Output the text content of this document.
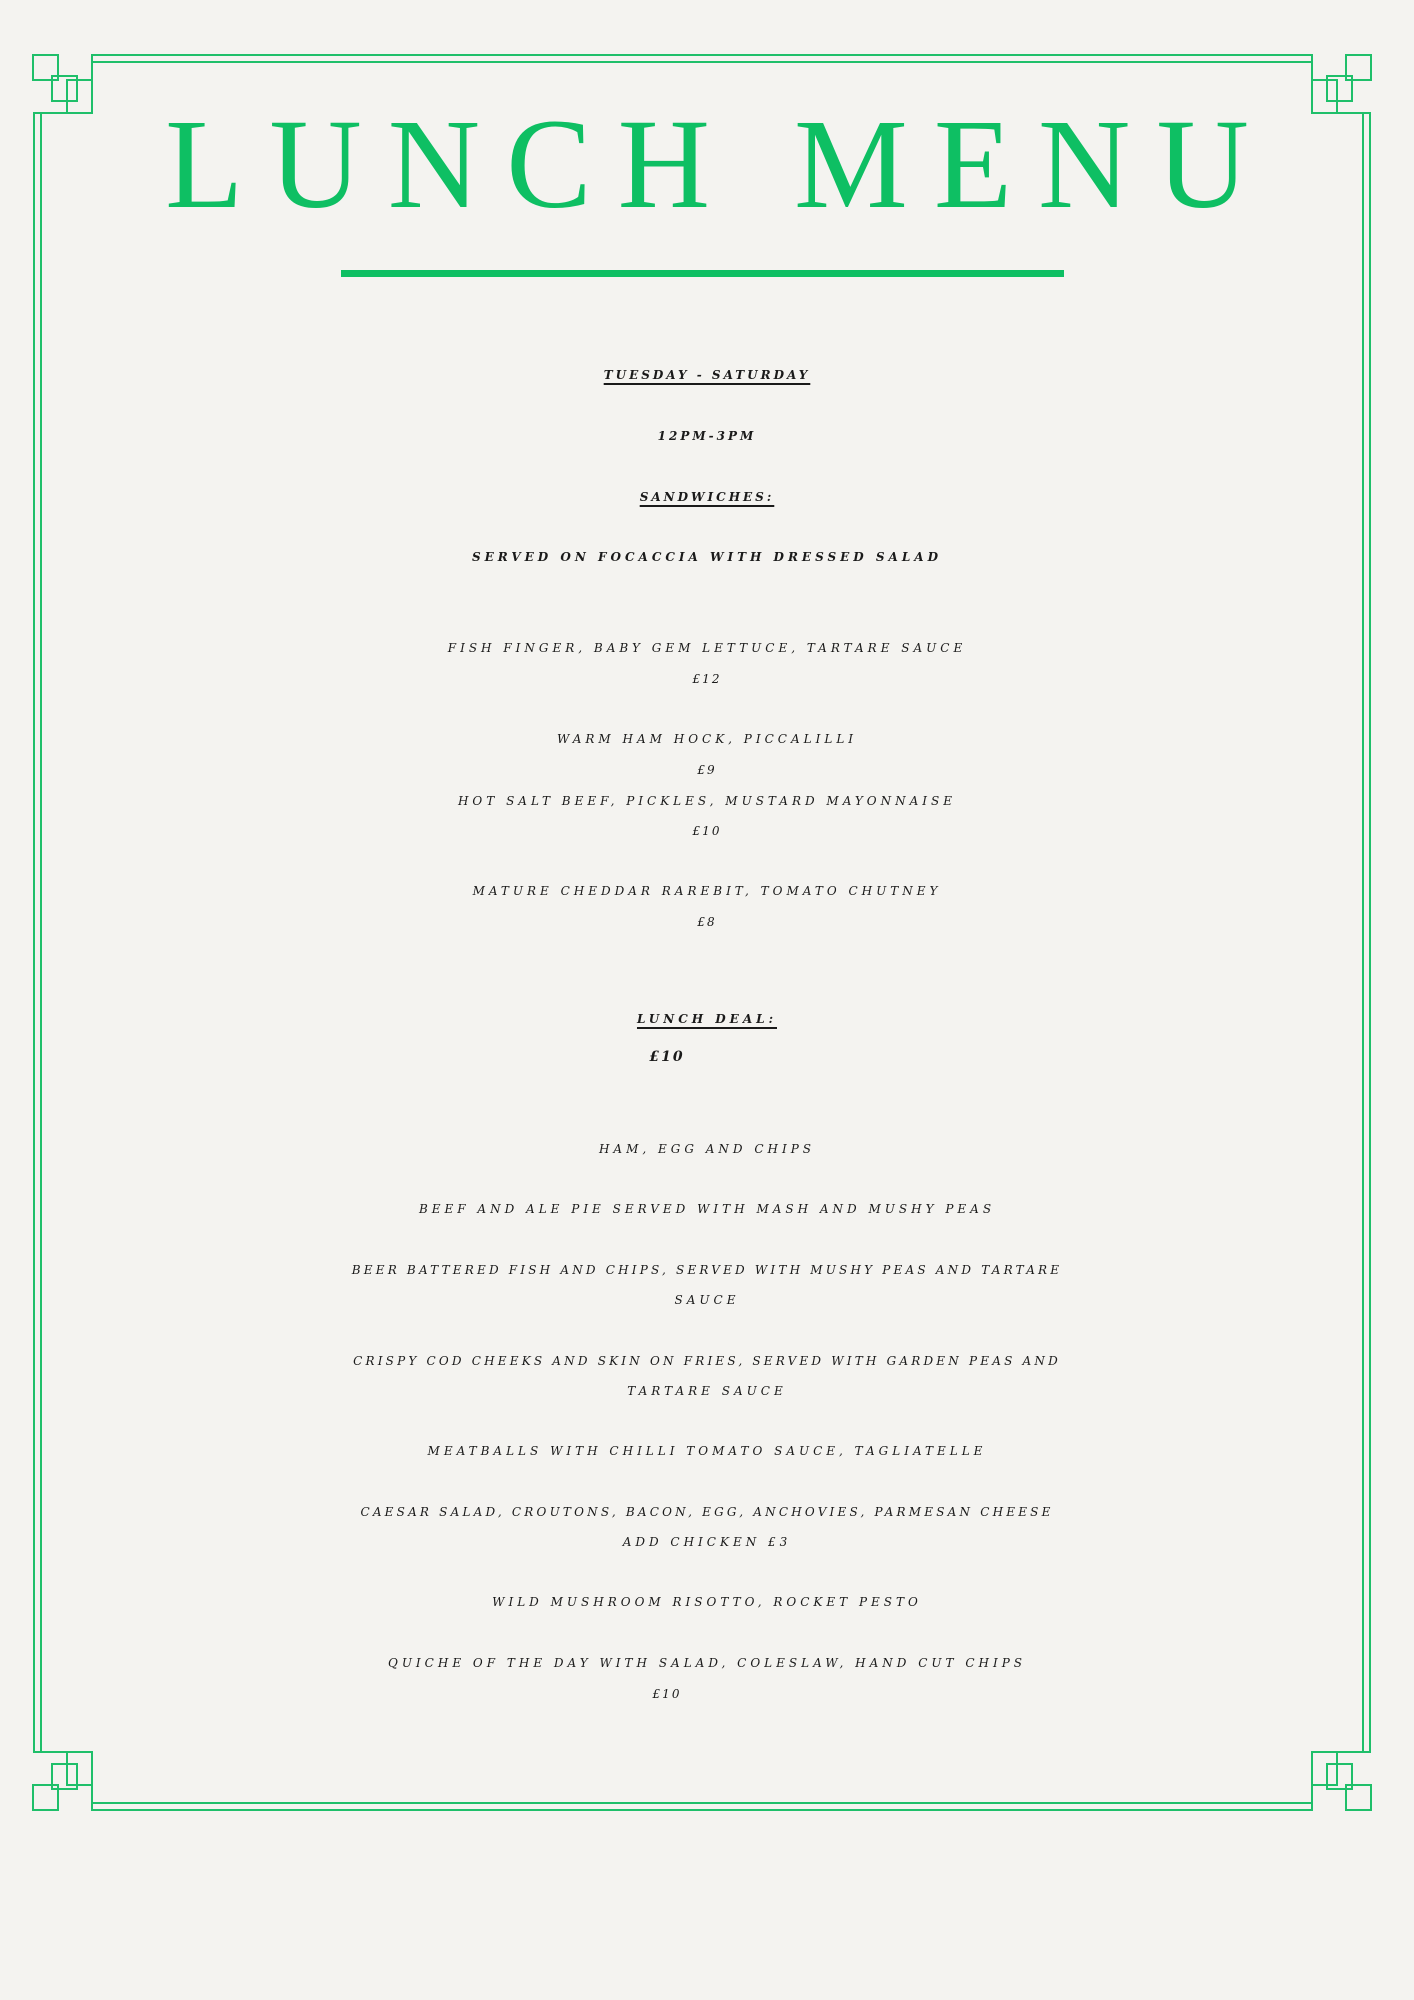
LUNCH MENU
TUESDAY - SATURDAY
12PM-3PM
SANDWICHES:
SERVED ON FOCACCIA WITH DRESSED SALAD
FISH FINGER, BABY GEM LETTUCE, TARTARE SAUCE
£12
WARM HAM HOCK, PICCALILLI
£9
HOT SALT BEEF, PICKLES, MUSTARD MAYONNAISE
£10
MATURE CHEDDAR RAREBIT, TOMATO CHUTNEY
£8
LUNCH DEAL:
£10
HAM, EGG AND CHIPS
BEEF AND ALE PIE SERVED WITH MASH AND MUSHY PEAS
BEER BATTERED FISH AND CHIPS, SERVED WITH MUSHY PEAS AND TARTARE
SAUCE
CRISPY COD CHEEKS AND SKIN ON FRIES, SERVED WITH GARDEN PEAS AND
TARTARE SAUCE
MEATBALLS WITH CHILLI TOMATO SAUCE, TAGLIATELLE
CAESAR SALAD, CROUTONS, BACON, EGG, ANCHOVIES, PARMESAN CHEESE
ADD CHICKEN £3
WILD MUSHROOM RISOTTO, ROCKET PESTO
QUICHE OF THE DAY WITH SALAD, COLESLAW, HAND CUT CHIPS
£10
